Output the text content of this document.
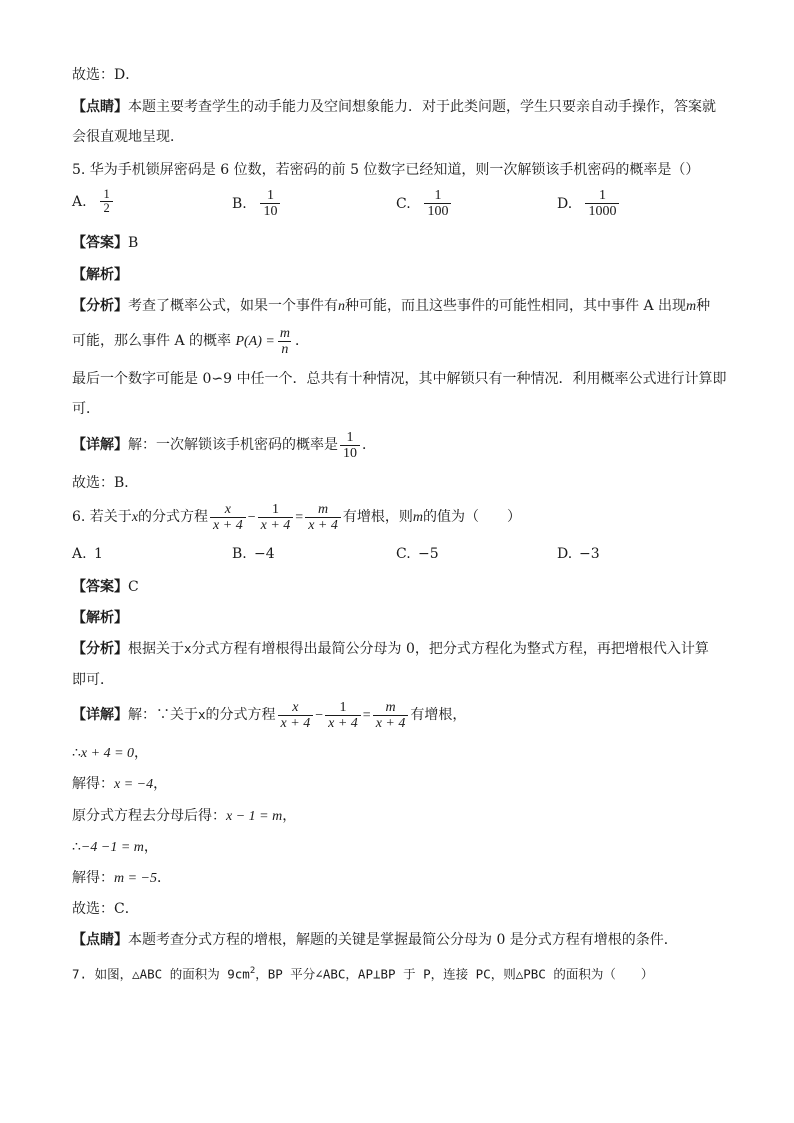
故选：D．
【点睛】本题主要考查学生的动手能力及空间想象能力．对于此类问题，学生只要亲自动手操作，答案就
会很直观地呈现．
5. 华为手机锁屏密码是 6 位数，若密码的前 5 位数字已经知道，则一次解锁该手机密码的概率是（）
A. $\frac{1}{2}$	B. $\frac{1}{10}$	C. $\frac{1}{100}$	D. $\frac{1}{1000}$
【答案】B
【解析】
【分析】考查了概率公式，如果一个事件有n种可能，而且这些事件的可能性相同，其中事件 A 出现m种
可能，那么事件 A 的概率 $P(A) = \frac{m}{n}$ ．
最后一个数字可能是 0∽9 中任一个．总共有十种情况，其中解锁只有一种情况．利用概率公式进行计算即
可．
【详解】解：一次解锁该手机密码的概率是 $\frac{1}{10}$ ．
故选：B．
6. 若关于x的分式方程 $\frac{x}{x + 4} - \frac{1}{x + 4} = \frac{m}{x + 4}$ 有增根，则m的值为（　　）
A. 1	B. −4	C. −5	D. −3
【答案】C
【解析】
【分析】根据关于x分式方程有增根得出最简公分母为 0，把分式方程化为整式方程，再把增根代入计算
即可．
【详解】解：∵关于x的分式方程 $\frac{x}{x + 4} - \frac{1}{x + 4} = \frac{m}{x + 4}$ 有增根，
∴x + 4 = 0，
解得：x = −4，
原分式方程去分母后得：x − 1 = m，
∴−4 −1 = m，
解得：m = −5．
故选：C．
【点睛】本题考查分式方程的增根，解题的关键是掌握最简公分母为 0 是分式方程有增根的条件．
7. 如图，△ABC 的面积为 $9cm^2$，BP 平分∠ABC，AP⊥BP 于 P，连接 PC，则△PBC 的面积为（　　）
